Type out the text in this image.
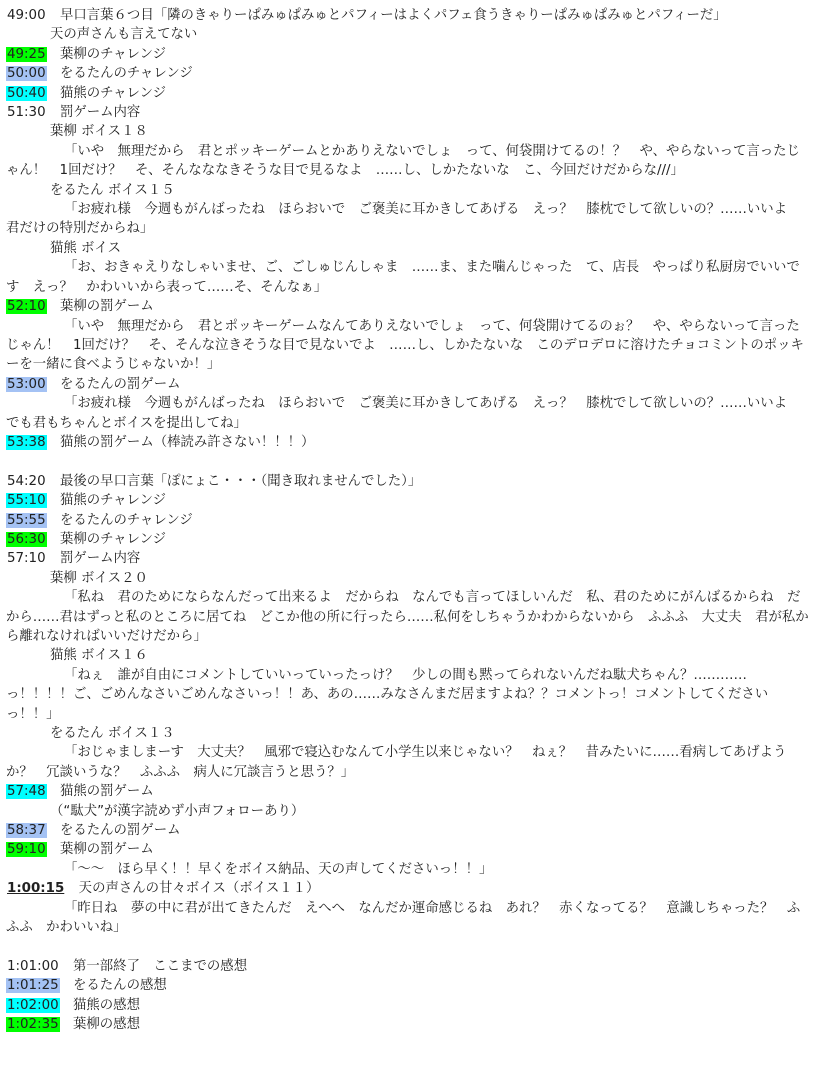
49:00　早口言葉６つ目「隣のきゃりーぱみゅぱみゅとパフィーはよくパフェ食うきゃりーぱみゅぱみゅとパフィーだ」
天の声さんも言えてない
49:25　葉柳のチャレンジ
50:00　をるたんのチャレンジ
50:40　猫熊のチャレンジ
51:30　罰ゲーム内容
葉柳 ボイス１８
「いや　無理だから　君とポッキーゲームとかありえないでしょ　って、何袋開けてるの！？　や、やらないって言ったじゃん！　1回だけ？　そ、そんなななきそうな目で見るなよ　……し、しかたないな　こ、今回だけだからな///」
をるたん ボイス１５
「お疲れ様　今週もがんばったね　ほらおいで　ご褒美に耳かきしてあげる　えっ？　膝枕でして欲しいの？……いいよ　君だけの特別だからね」
猫熊 ボイス
「お、おきゃえりなしゃいませ、ご、ごしゅじんしゃま　……ま、また噛んじゃった　て、店長　やっぱり私厨房でいいです　えっ？　かわいいから表って……そ、そんなぁ」
52:10　葉柳の罰ゲーム
「いや　無理だから　君とポッキーゲームなんてありえないでしょ　って、何袋開けてるのぉ？　や、やらないって言ったじゃん！　1回だけ？　そ、そんな泣きそうな目で見ないでよ　……し、しかたないな　このデロデロに溶けたチョコミントのポッキーを一緒に食べようじゃないか！」
53:00　をるたんの罰ゲーム
「お疲れ様　今週もがんばったね　ほらおいで　ご褒美に耳かきしてあげる　えっ？　膝枕でして欲しいの？……いいよ　でも君もちゃんとボイスを提出してね」
53:38　猫熊の罰ゲーム（棒読み許さない！！！）
54:20　最後の早口言葉「ぽにょこ・・・（聞き取れませんでした）」
55:10　猫熊のチャレンジ
55:55　をるたんのチャレンジ
56:30　葉柳のチャレンジ
57:10　罰ゲーム内容
葉柳 ボイス２０
「私ね　君のためにならなんだって出来るよ　だからね　なんでも言ってほしいんだ　私、君のためにがんばるからね　だから……君はずっと私のところに居てね　どこか他の所に行ったら……私何をしちゃうかわからないから　ふふふ　大丈夫　君が私から離れなければいいだけだから」
猫熊 ボイス１６
「ねぇ　誰が自由にコメントしていいっていったっけ？　少しの間も黙ってられないんだね駄犬ちゃん？…………っ！！！！ご、ごめんなさいごめんなさいっ！！あ、あの……みなさんまだ居ますよね？？コメントっ！コメントしてくださいっ！！」
をるたん ボイス１３
「おじゃましまーす　大丈夫？　風邪で寝込むなんて小学生以来じゃない？　ねぇ？　昔みたいに……看病してあげようか？　冗談いうな？　ふふふ　病人に冗談言うと思う？」
57:48　猫熊の罰ゲーム
（“駄犬”が漢字読めず小声フォローあり）
58:37　をるたんの罰ゲーム
59:10　葉柳の罰ゲーム
「〜〜　ほら早く！！早くをボイス納品、天の声してくださいっ！！」
1:00:15　天の声さんの甘々ボイス（ボイス１１）
「昨日ね　夢の中に君が出てきたんだ　えへへ　なんだか運命感じるね　あれ？　赤くなってる？　意識しちゃった？　ふふふ　かわいいね」
1:01:00　第一部終了　ここまでの感想
1:01:25　をるたんの感想
1:02:00　猫熊の感想
1:02:35　葉柳の感想
